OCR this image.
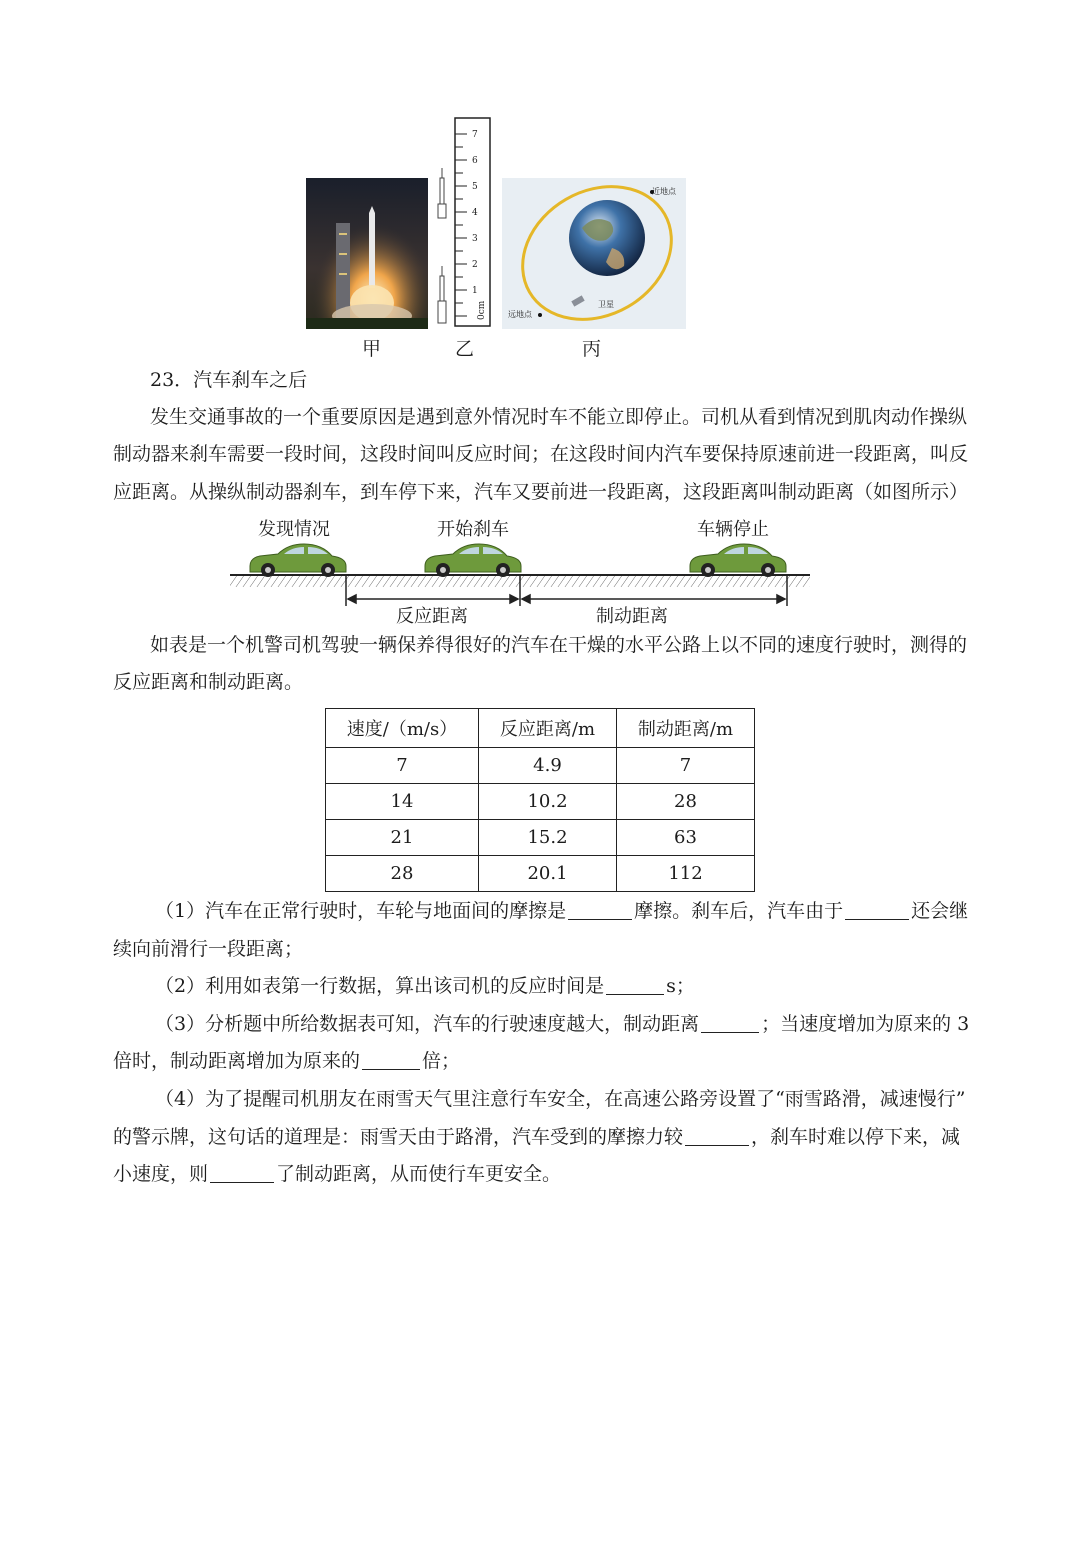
0cm
1
2
3
4
5
6
7
近地点
远地点
卫星
甲	乙	丙
23．汽车刹车之后
发生交通事故的一个重要原因是遇到意外情况时车不能立即停止。司机从看到情况到肌肉动作操纵
制动器来刹车需要一段时间，这段时间叫反应时间；在这段时间内汽车要保持原速前进一段距离，叫反
应距离。从操纵制动器刹车，到车停下来，汽车又要前进一段距离，这段距离叫制动距离（如图所示）
发现情况	开始刹车	车辆停止
反应距离	制动距离
如表是一个机警司机驾驶一辆保养得很好的汽车在干燥的水平公路上以不同的速度行驶时，测得的
反应距离和制动距离。
速度/（m/s）	反应距离/m	制动距离/m
7	4.9	7
14	10.2	28
21	15.2	63
28	20.1	112
（1）汽车在正常行驶时，车轮与地面间的摩擦是	摩擦。刹车后，汽车由于	还会继
续向前滑行一段距离；
（2）利用如表第一行数据，算出该司机的反应时间是	s；
（3）分析题中所给数据表可知，汽车的行驶速度越大，制动距离	；当速度增加为原来的 3
倍时，制动距离增加为原来的	倍；
（4）为了提醒司机朋友在雨雪天气里注意行车安全，在高速公路旁设置了“雨雪路滑，减速慢行”
的警示牌，这句话的道理是：雨雪天由于路滑，汽车受到的摩擦力较	，刹车时难以停下来，减
小速度，则	了制动距离，从而使行车更安全。
